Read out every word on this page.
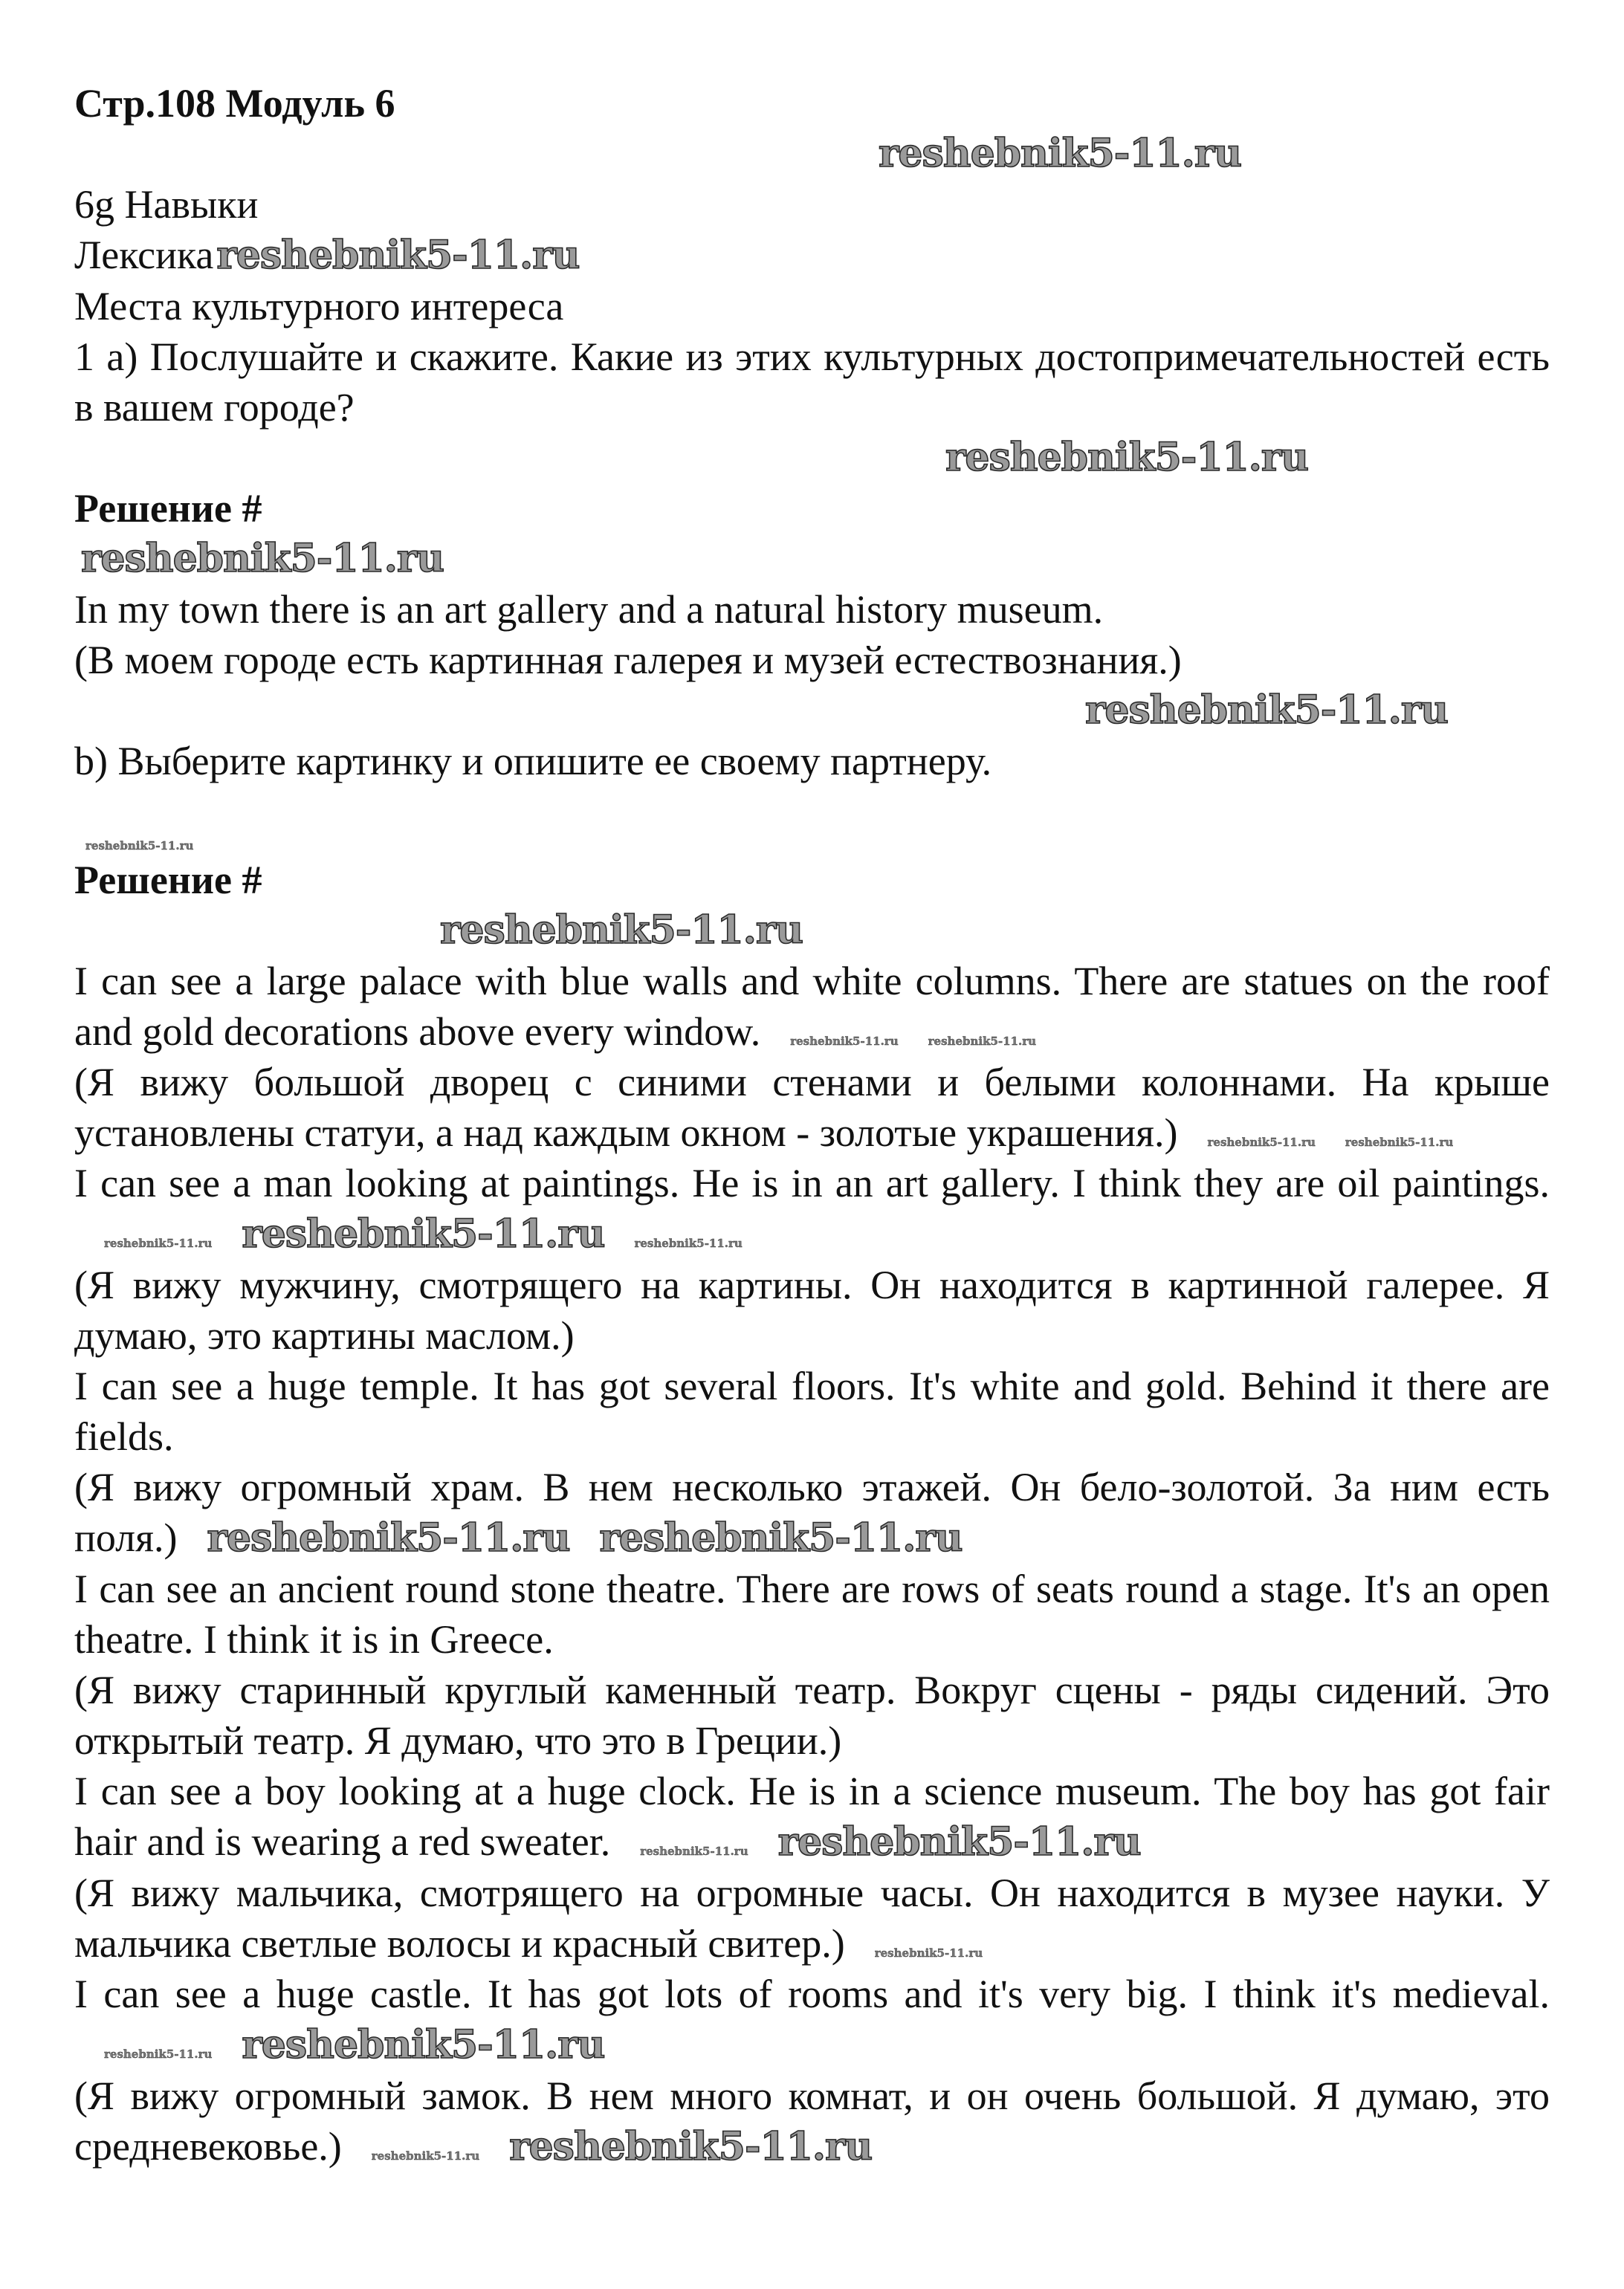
Стр.108 Модуль 6
reshebnik5-11.ru
6g Навыки
Лексикаreshebnik5-11.ru
Места культурного интереса

1 а) Послушайте и скажите. Какие из этих культурных достопримечательностей есть в вашем городе?

reshebnik5-11.ru
Решение #
reshebnik5-11.ru

In my town there is an art gallery and a natural history museum.

(В моем городе есть картинная галерея и музей естествознания.)

reshebnik5-11.ru

b) Выберите картинку и опишите ее своему партнеру.

reshebnik5-11.ru
Решение #
reshebnik5-11.ru

I can see a large palace with blue walls and white columns. There are statues on the roof and gold decorations above every window.	reshebnik5-11.ru	reshebnik5-11.ru

(Я вижу большой дворец с синими стенами и белыми колоннами. На крыше установлены статуи, а над каждым окном - золотые украшения.)	reshebnik5-11.ru	reshebnik5-11.ru

I can see a man looking at paintings. He is in an art gallery. I think they are oil paintings.reshebnik5-11.ru reshebnik5-11.ru	reshebnik5-11.ru

(Я вижу мужчину, смотрящего на картины. Он находится в картинной галерее. Я думаю, это картины маслом.)

I can see a huge temple. It has got several floors. It's white and gold. Behind it there are fields.

(Я вижу огромный храм. В нем несколько этажей. Он бело-золотой. За ним есть поля.) reshebnik5-11.ru reshebnik5-11.ru

I can see an ancient round stone theatre. There are rows of seats round a stage. It's an open theatre. I think it is in Greece.

(Я вижу старинный круглый каменный театр. Вокруг сцены - ряды сидений. Это открытый театр. Я думаю, что это в Греции.)

I can see a boy looking at a huge clock. He is in a science museum. The boy has got fair hair and is wearing a red sweater.	reshebnik5-11.ru reshebnik5-11.ru

(Я вижу мальчика, смотрящего на огромные часы. Он находится в музее науки. У мальчика светлые волосы и красный свитер.)	reshebnik5-11.ru

I can see a huge castle. It has got lots of rooms and it's very big. I think it's medieval.reshebnik5-11.ru reshebnik5-11.ru

(Я вижу огромный замок. В нем много комнат, и он очень большой. Я думаю, это средневековье.)	reshebnik5-11.ru reshebnik5-11.ru
